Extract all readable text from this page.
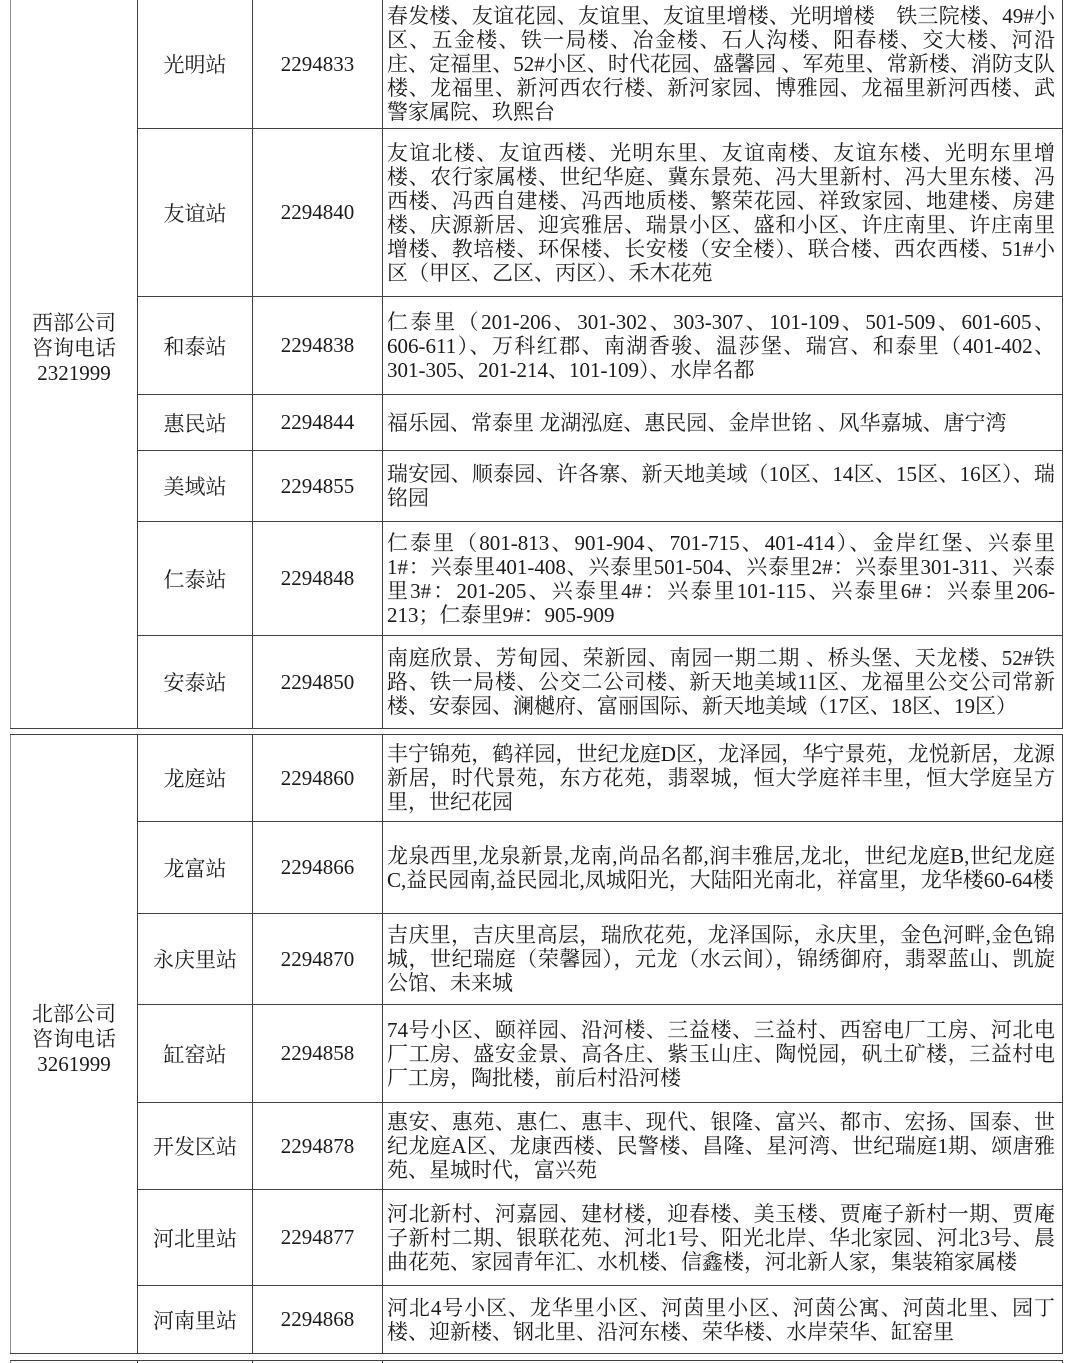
西部公司
咨询电话
2321999	光明站	2294833	春发楼、友谊花园、友谊里、友谊里增楼、光明增楼　铁三院楼、49#小区、五金楼、铁一局楼、冶金楼、石人沟楼、阳春楼、交大楼、河沿庄、定福里、52#小区、时代花园、盛馨园 、军苑里、常新楼、消防支队楼、龙福里、新河西农行楼、新河家园、博雅园、龙福里新河西楼、武警家属院、玖熙台
	友谊站	2294840	友谊北楼、友谊西楼、光明东里、友谊南楼、友谊东楼、光明东里增楼、农行家属楼、世纪华庭、冀东景苑、冯大里新村、冯大里东楼、冯西楼、冯西自建楼、冯西地质楼、繁荣花园、祥致家园、地建楼、房建楼、庆源新居、迎宾雅居、瑞景小区、盛和小区、许庄南里、许庄南里增楼、教培楼、环保楼、长安楼（安全楼）、联合楼、西农西楼、51#小区（甲区、乙区、丙区）、禾木花苑
	和泰站	2294838	仁泰里（201-206、301-302、303-307、101-109、501-509、601-605、606-611）、万科红郡、南湖香骏、温莎堡、瑞宫、和泰里（401-402、301-305、201-214、101-109）、水岸名都
	惠民站	2294844	福乐园、常泰里 龙湖泓庭、惠民园、金岸世铭 、风华嘉城、唐宁湾
	美域站	2294855	瑞安园、顺泰园、许各寨、新天地美域（10区、14区、15区、16区）、瑞铭园
	仁泰站	2294848	仁泰里（801-813、901-904、701-715、401-414）、金岸红堡、兴泰里1#：兴泰里401-408、兴泰里501-504、兴泰里2#：兴泰里301-311、兴泰里3#：201-205、兴泰里4#：兴泰里101-115、兴泰里6#：兴泰里206-213；仁泰里9#：905-909
	安泰站	2294850	南庭欣景、芳甸园、荣新园、南园一期二期 、桥头堡、天龙楼、52#铁路、铁一局楼、公交二公司楼、新天地美域11区、龙福里公交公司常新楼、安泰园、澜樾府、富丽国际、新天地美域（17区、18区、19区）
北部公司
咨询电话
3261999	龙庭站	2294860	丰宁锦苑，鹤祥园，世纪龙庭D区，龙泽园，华宁景苑，龙悦新居，龙源新居，时代景苑，东方花苑，翡翠城，恒大学庭祥丰里，恒大学庭呈方里，世纪花园
	龙富站	2294866	龙泉西里,龙泉新景,龙南,尚品名都,润丰雅居,龙北，世纪龙庭B,世纪龙庭C,益民园南,益民园北,凤城阳光，大陆阳光南北，祥富里，龙华楼60-64楼
	永庆里站	2294870	吉庆里，吉庆里高层，瑞欣花苑，龙泽国际，永庆里，金色河畔,金色锦城，世纪瑞庭（荣馨园），元龙（水云间），锦绣御府，翡翠蓝山、凯旋公馆、未来城
	缸窑站	2294858	74号小区、颐祥园、沿河楼、三益楼、三益村、西窑电厂工房、河北电厂工房、盛安金景、高各庄、紫玉山庄、陶悦园，矾土矿楼，三益村电厂工房，陶批楼，前后村沿河楼
	开发区站	2294878	惠安、惠苑、惠仁、惠丰、现代、银隆、富兴、都市、宏扬、国泰、世纪龙庭A区、龙康西楼、民警楼、昌隆、星河湾、世纪瑞庭1期、颂唐雅苑、星城时代，富兴苑
	河北里站	2294877	河北新村、河嘉园、建材楼，迎春楼、美玉楼、贾庵子新村一期、贾庵子新村二期、银联花苑、河北1号、阳光北岸、华北家园、河北3号、晨曲花苑、家园青年汇、水机楼、信鑫楼，河北新人家，集装箱家属楼
	河南里站	2294868	河北4号小区、龙华里小区、河茵里小区、河茵公寓、河茵北里、园丁楼、迎新楼、钢北里、沿河东楼、荣华楼、水岸荣华、缸窑里
